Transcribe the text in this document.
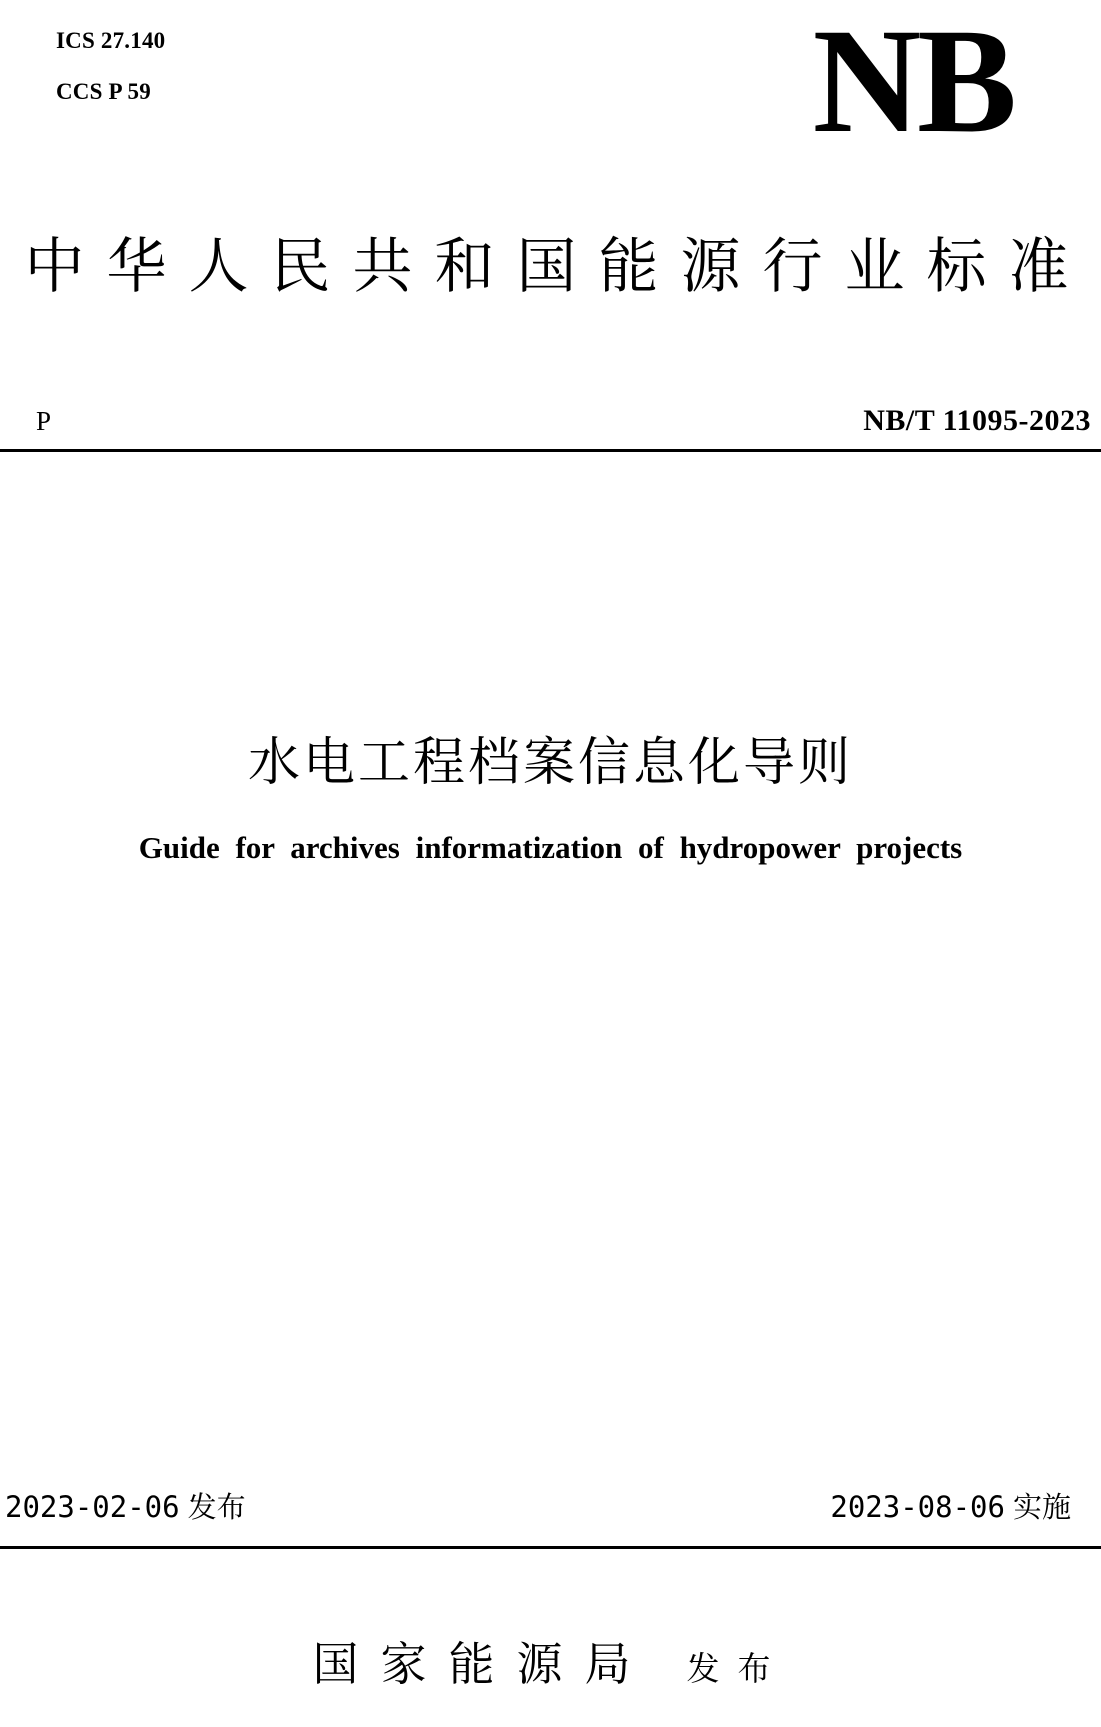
ICS 27.140
CCS P 59	NB
中华人民共和国能源行业标准
P	NB/T 11095-2023
水电工程档案信息化导则
Guide for archives informatization of hydropower projects
2023-02-06 发布	2023-08-06 实施
国家能源局 发布
